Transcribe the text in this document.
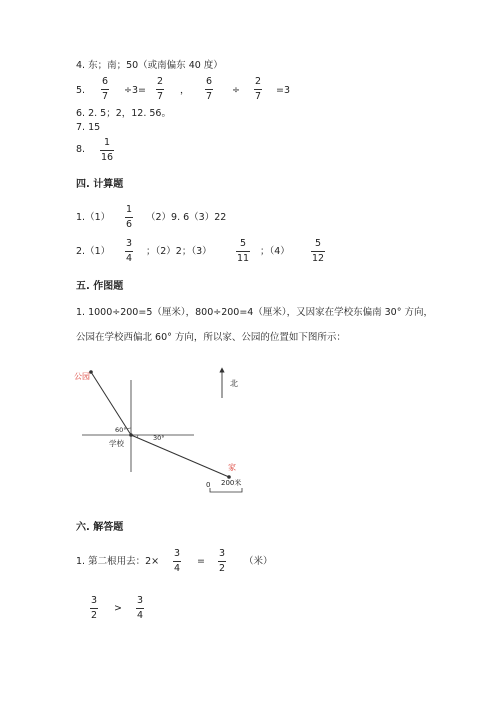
4. 东；南；50（或南偏东 40 度）
5.
6
7 ÷3=
2
7 ，
6
7 ÷
2
7 =3
6. 2. 5；2，12. 56。
7. 15
8.
1
16
四. 计算题
1.（1）
1
6
（2）9. 6（3）22
2.（1）
3
4
；（2）2；（3）
5
11
；（4）
5
12
五. 作图题
1. 1000÷200=5（厘米），800÷200=4（厘米），又因家在学校东偏南 30° 方向，
公园在学校西偏北 60° 方向，所以家、公园的位置如下图所示：
公园
学校
家
北
60°
30°
0 200米
六. 解答题
1. 第二根用去：2×
3
4
=
3
2
（米）
3
2
>
3
4
